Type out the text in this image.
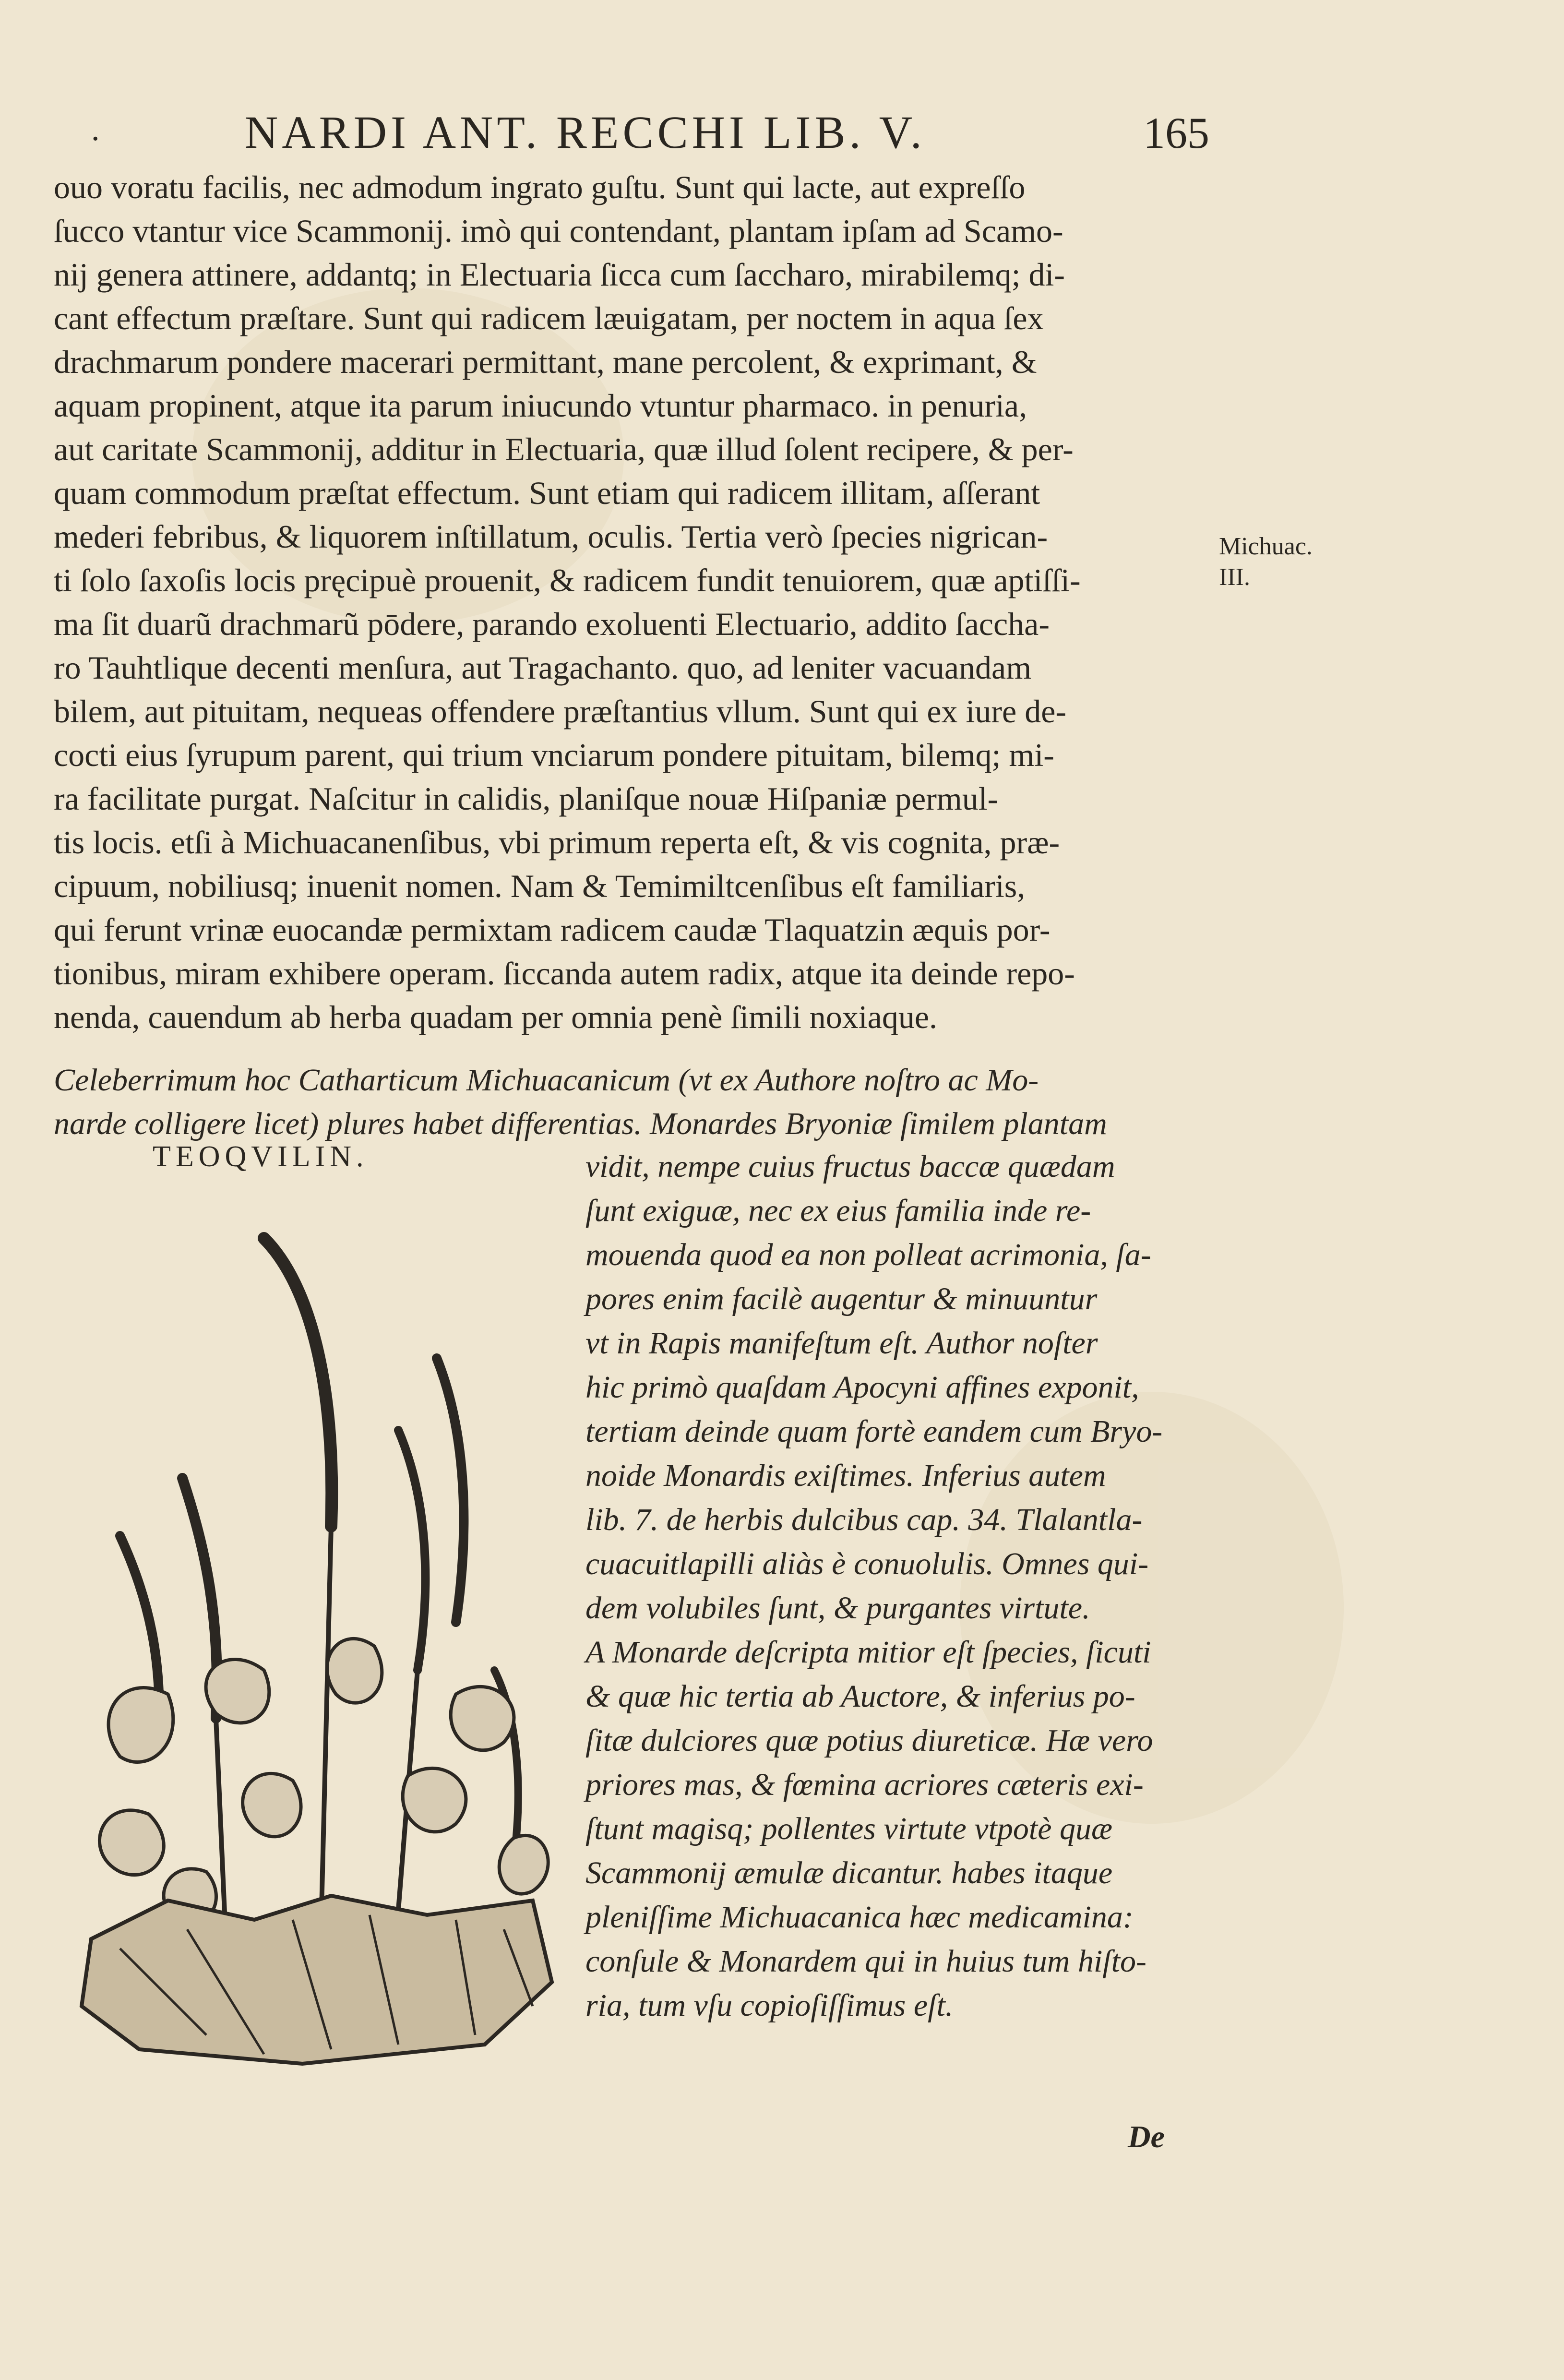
.	NARDI ANT. RECCHI LIB. V.	165
ouo voratu facilis, nec admodum ingrato guſtu. Sunt qui lacte, aut expreſſo
ſucco vtantur vice Scammonij. imò qui contendant, plantam ipſam ad Scamo-
nij genera attinere, addantq; in Electuaria ſicca cum ſaccharo, mirabilemq; di-
cant effectum præſtare. Sunt qui radicem læuigatam, per noctem in aqua ſex
drachmarum pondere macerari permittant, mane percolent, & exprimant, &
aquam propinent, atque ita parum iniucundo vtuntur pharmaco. in penuria,
aut caritate Scammonij, additur in Electuaria, quæ illud ſolent recipere, & per-
quam commodum præſtat effectum. Sunt etiam qui radicem illitam, aſſerant
mederi febribus, & liquorem inſtillatum, oculis. Tertia verò ſpecies nigrican-
ti ſolo ſaxoſis locis pręcipuè prouenit, & radicem fundit tenuiorem, quæ aptiſſi-
ma ſit duarũ drachmarũ pōdere, parando exoluenti Electuario, addito ſaccha-
ro Tauhtlique decenti menſura, aut Tragachanto. quo, ad leniter vacuandam
bilem, aut pituitam, nequeas offendere præſtantius vllum. Sunt qui ex iure de-
cocti eius ſyrupum parent, qui trium vnciarum pondere pituitam, bilemq; mi-
ra facilitate purgat. Naſcitur in calidis, planiſque nouæ Hiſpaniæ permul-
tis locis. etſi à Michuacanenſibus, vbi primum reperta eſt, & vis cognita, præ-
cipuum, nobiliusq; inuenit nomen. Nam & Temimiltcenſibus eſt familiaris,
qui ferunt vrinæ euocandæ permixtam radicem caudæ Tlaquatzin æquis por-
tionibus, miram exhibere operam. ſiccanda autem radix, atque ita deinde repo-
nenda, cauendum ab herba quadam per omnia penè ſimili noxiaque.
Michuac.
III.
Celeberrimum hoc Catharticum Michuacanicum (vt ex Authore noſtro ac Mo-
narde colligere licet) plures habet differentias. Monardes Bryoniæ ſimilem plantam
TEOQVILIN.	vidit, nempe cuius fructus baccæ quædam
ſunt exiguæ, nec ex eius familia inde re-
mouenda quod ea non polleat acrimonia, ſa-
pores enim facilè augentur & minuuntur
vt in Rapis manifeſtum eſt. Author noſter
hic primò quaſdam Apocyni affines exponit,
tertiam deinde quam fortè eandem cum Bryo-
noide Monardis exiſtimes. Inferius autem
lib. 7. de herbis dulcibus cap. 34. Tlalantla-
cuacuitlapilli aliàs è conuolulis. Omnes qui-
dem volubiles ſunt, & purgantes virtute.
A Monarde deſcripta mitior eſt ſpecies, ſicuti
& quæ hic tertia ab Auctore, & inferius po-
ſitæ dulciores quæ potius diureticæ. Hæ vero
priores mas, & fœmina acriores cæteris exi-
ſtunt magisq; pollentes virtute vtpotè quæ
Scammonij æmulæ dicantur. habes itaque
pleniſſime Michuacanica hæc medicamina:
conſule & Monardem qui in huius tum hiſto-
ria, tum vſu copioſiſſimus eſt.
De
